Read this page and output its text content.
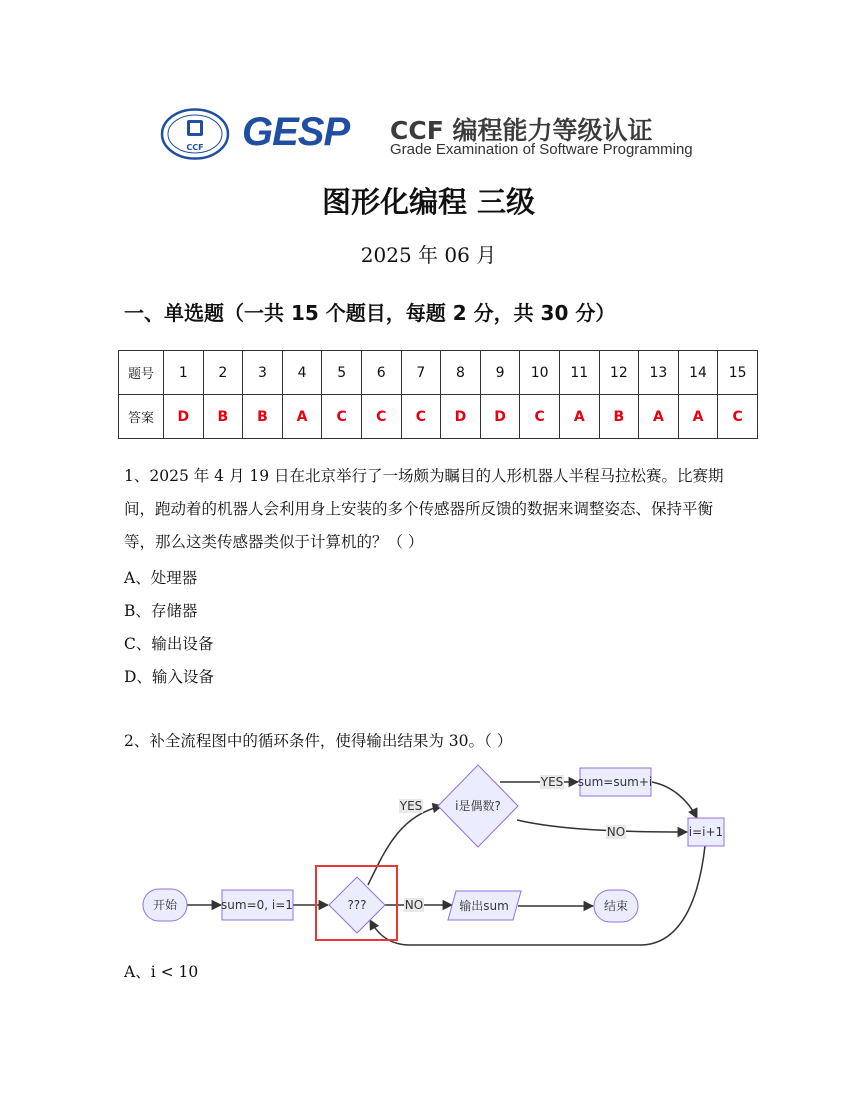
CCF GESP CCF 编程能力等级认证
Grade Examination of Software Programming
图形化编程 三级
2025 年 06 月
一、单选题（一共 15 个题目，每题 2 分，共 30 分）
题号	1	2	3	4	5	6	7	8	9	10	11	12	13	14	15
答案	D	B	B	A	C	C	C	D	D	C	A	B	A	A	C
1、2025 年 4 月 19 日在北京举行了一场颇为瞩目的人形机器人半程马拉松赛。比赛期间，跑动着的机器人会利用身上安装的多个传感器所反馈的数据来调整姿态、保持平衡等，那么这类传感器类似于计算机的？（ ）
A、处理器
B、存储器
C、输出设备
D、输入设备
2、补全流程图中的循环条件，使得输出结果为 30。（ ）
YES
YES
NO
NO
开始	sum=0, i=1	???
i是偶数?
sum=sum+i
i=i+1
输出sum	结束
A、i < 10
